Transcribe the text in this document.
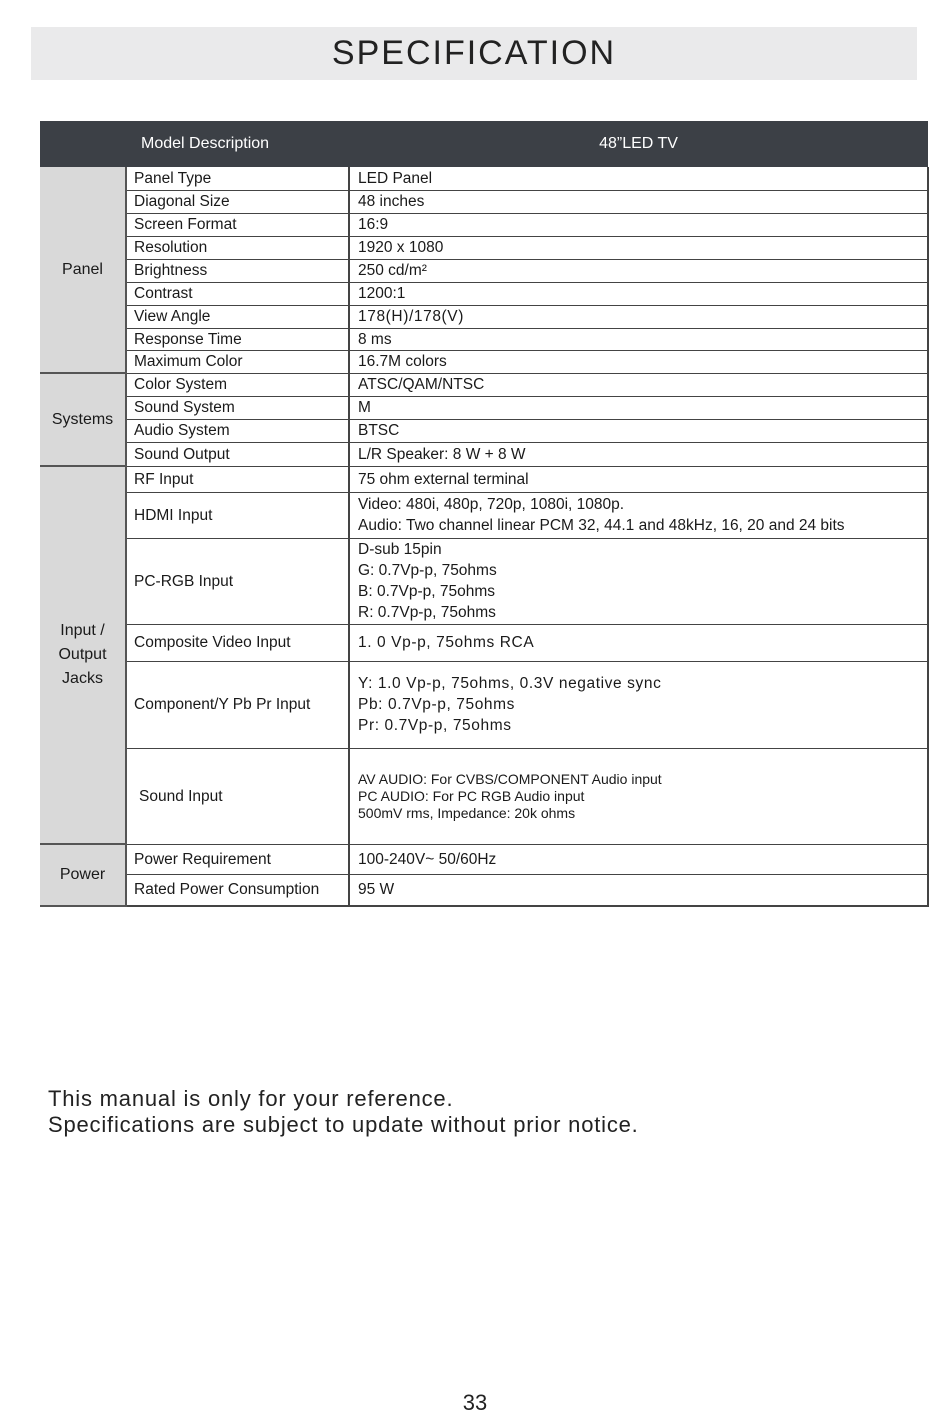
SPECIFICATION
Model Description		48”LED TV
Panel	Panel Type	LED Panel

	Diagonal Size	48 inches

	Screen Format	16:9

	Resolution	1920 x 1080

	Brightness	250 cd/m²

	Contrast	1200:1

	View Angle	178(H)/178(V)

	Response Time	8 ms

	Maximum Color	16.7M colors

Systems	Color System	ATSC/QAM/NTSC

	Sound System	M

	Audio System	BTSC

	Sound Output	L/R Speaker: 8 W + 8 W

Input /
Output
Jacks	RF Input	75 ohm external terminal

	HDMI Input	Video: 480i, 480p, 720p, 1080i, 1080p.
Audio: Two channel linear PCM 32, 44.1 and 48kHz, 16, 20 and 24 bits

	PC-RGB Input	D-sub 15pin
G: 0.7Vp-p, 75ohms
B: 0.7Vp-p, 75ohms
R: 0.7Vp-p, 75ohms

	Composite Video Input	1. 0 Vp-p, 75ohms RCA

	Component/Y Pb Pr Input	Y: 1.0 Vp-p, 75ohms, 0.3V negative sync
Pb: 0.7Vp-p, 75ohms
Pr: 0.7Vp-p, 75ohms

	Sound Input	AV AUDIO: For CVBS/COMPONENT Audio input
PC AUDIO: For PC RGB Audio input
500mV rms, Impedance: 20k ohms

Power	Power Requirement	100-240V~ 50/60Hz

	Rated Power Consumption	95 W
This manual is only for your reference.
Specifications are subject to update without prior notice.
33
